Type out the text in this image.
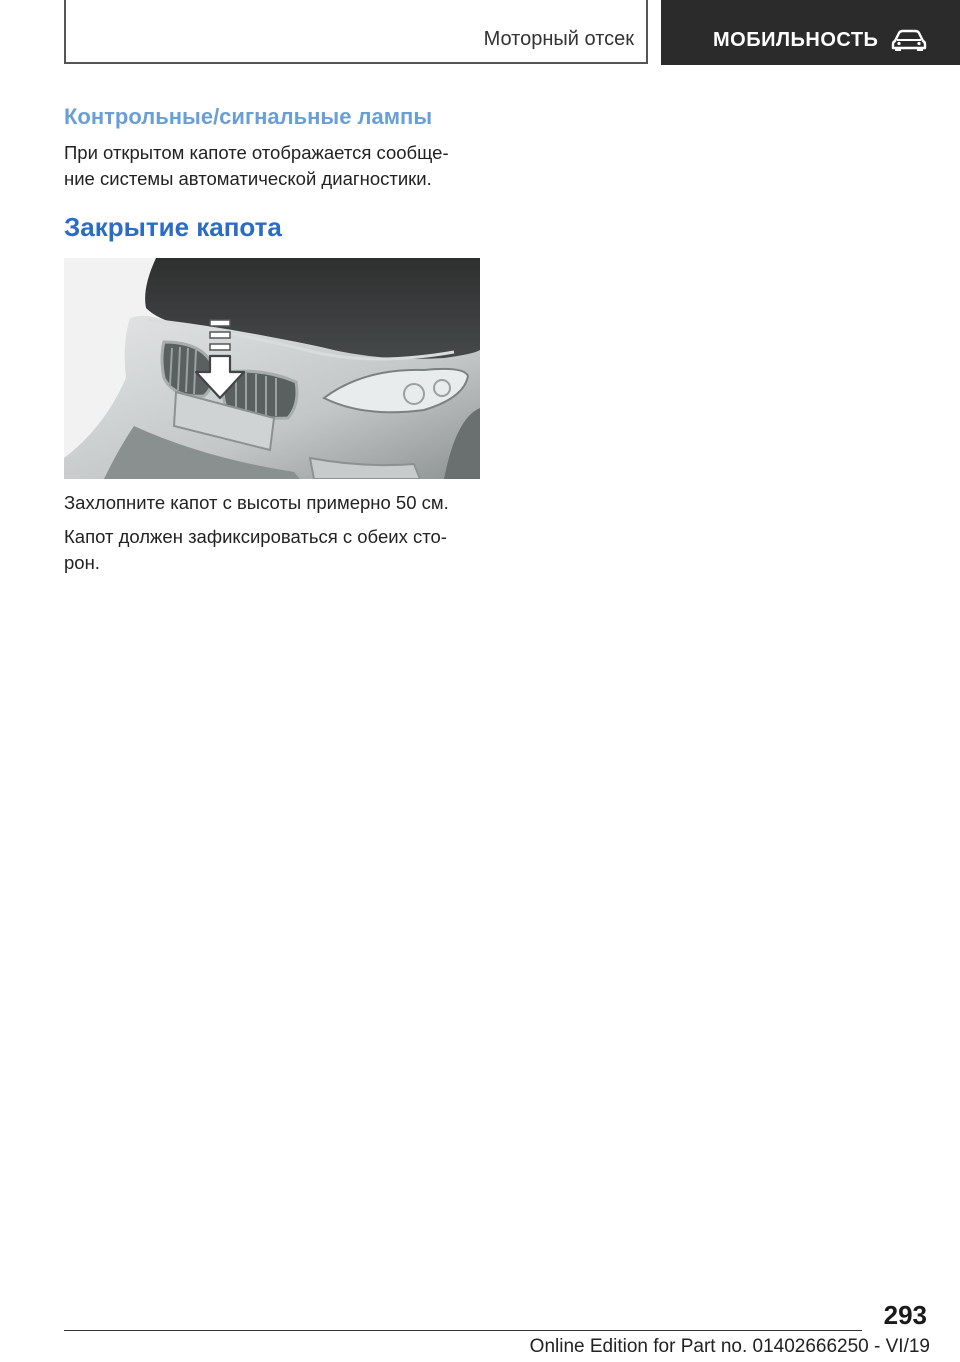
Моторный отсек	МОБИЛЬНОСТЬ
Контрольные/сигнальные лампы

При открытом капоте отображается сообще-
ние системы автоматической диагностики.

Закрытие капота

Захлопните капот с высоты примерно 50 см.

Капот должен зафиксироваться с обеих сто-
рон.

293
Online Edition for Part no. 01402666250 - VI/19
